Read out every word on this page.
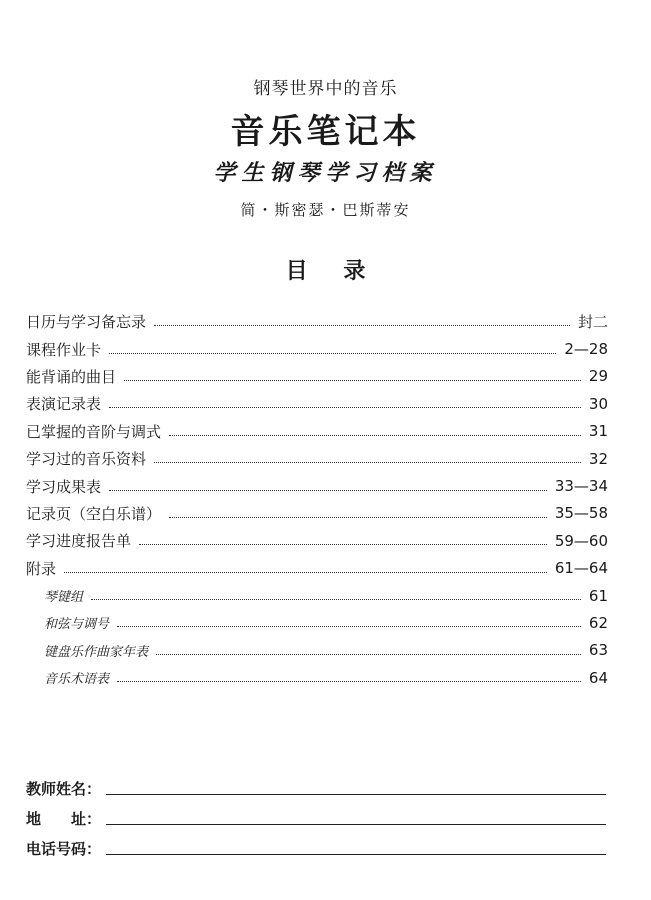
钢琴世界中的音乐
音乐笔记本
学生钢琴学习档案
简・斯密瑟・巴斯蒂安
目 录
日历与学习备忘录	封二
课程作业卡	2—28
能背诵的曲目	29
表演记录表	30
已掌握的音阶与调式	31
学习过的音乐资料	32
学习成果表	33—34
记录页（空白乐谱）	35—58
学习进度报告单	59—60
附录	61—64
琴键组	61
和弦与调号	62
键盘乐作曲家年表	63
音乐术语表	64
教师姓名：
地　　址：
电话号码：
